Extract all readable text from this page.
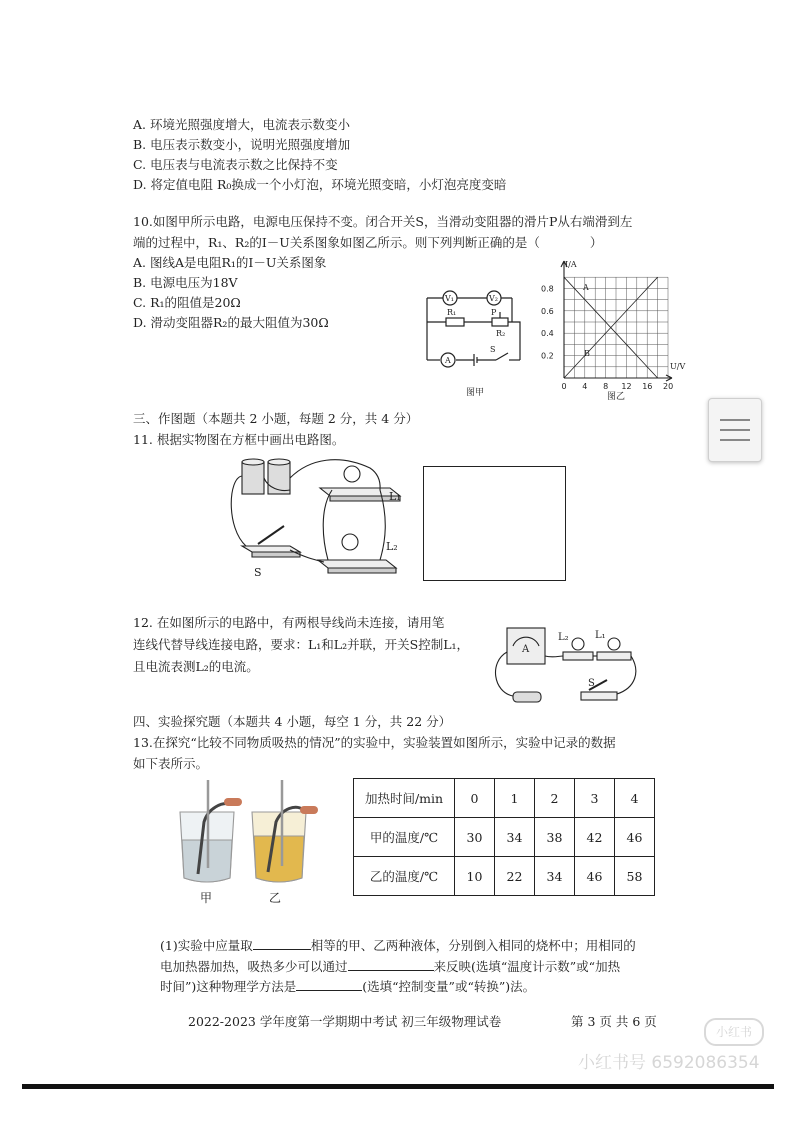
A. 环境光照强度增大，电流表示数变小
B. 电压表示数变小，说明光照强度增加
C. 电压表与电流表示数之比保持不变
D. 将定值电阻 R₀换成一个小灯泡，环境光照变暗，小灯泡亮度变暗
10.如图甲所示电路，电源电压保持不变。闭合开关S，当滑动变阻器的滑片P从右端滑到左
端的过程中，R₁、R₂的I－U关系图象如图乙所示。则下列判断正确的是（　　　　）
A. 图线A是电阻R₁的I－U关系图象
B. 电源电压为18V
C. R₁的阻值是20Ω
D. 滑动变阻器R₂的最大阻值为30Ω
V₁	V₂
R₁	P
R₂
A
S
图甲
0 4 8 12 16 20
0.2
0.4
0.6
0.8
I/A
U/V
A
B
图乙
三、作图题（本题共 2 小题，每题 2 分，共 4 分）
11. 根据实物图在方框中画出电路图。
L₁
L₂
S
12. 在如图所示的电路中，有两根导线尚未连接，请用笔
连线代替导线连接电路，要求：L₁和L₂并联，开关S控制L₁，
且电流表测L₂的电流。
A
L₂	L₁
S
四、实验探究题（本题共 4 小题，每空 1 分，共 22 分）
13.在探究“比较不同物质吸热的情况”的实验中，实验装置如图所示，实验中记录的数据
如下表所示。
甲	乙
加热时间/min	0	1	2	3	4
甲的温度/℃	30	34	38	42	46
乙的温度/℃	10	22	34	46	58
(1)实验中应量取	相等的甲、乙两种液体，分别倒入相同的烧杯中；用相同的
电加热器加热，吸热多少可以通过	来反映(选填“温度计示数”或“加热
时间”)这种物理学方法是	(选填“控制变量”或“转换”)法。
2022-2023 学年度第一学期期中考试 初三年级物理试卷	第 3 页 共 6 页
小红书
小红书号 6592086354
